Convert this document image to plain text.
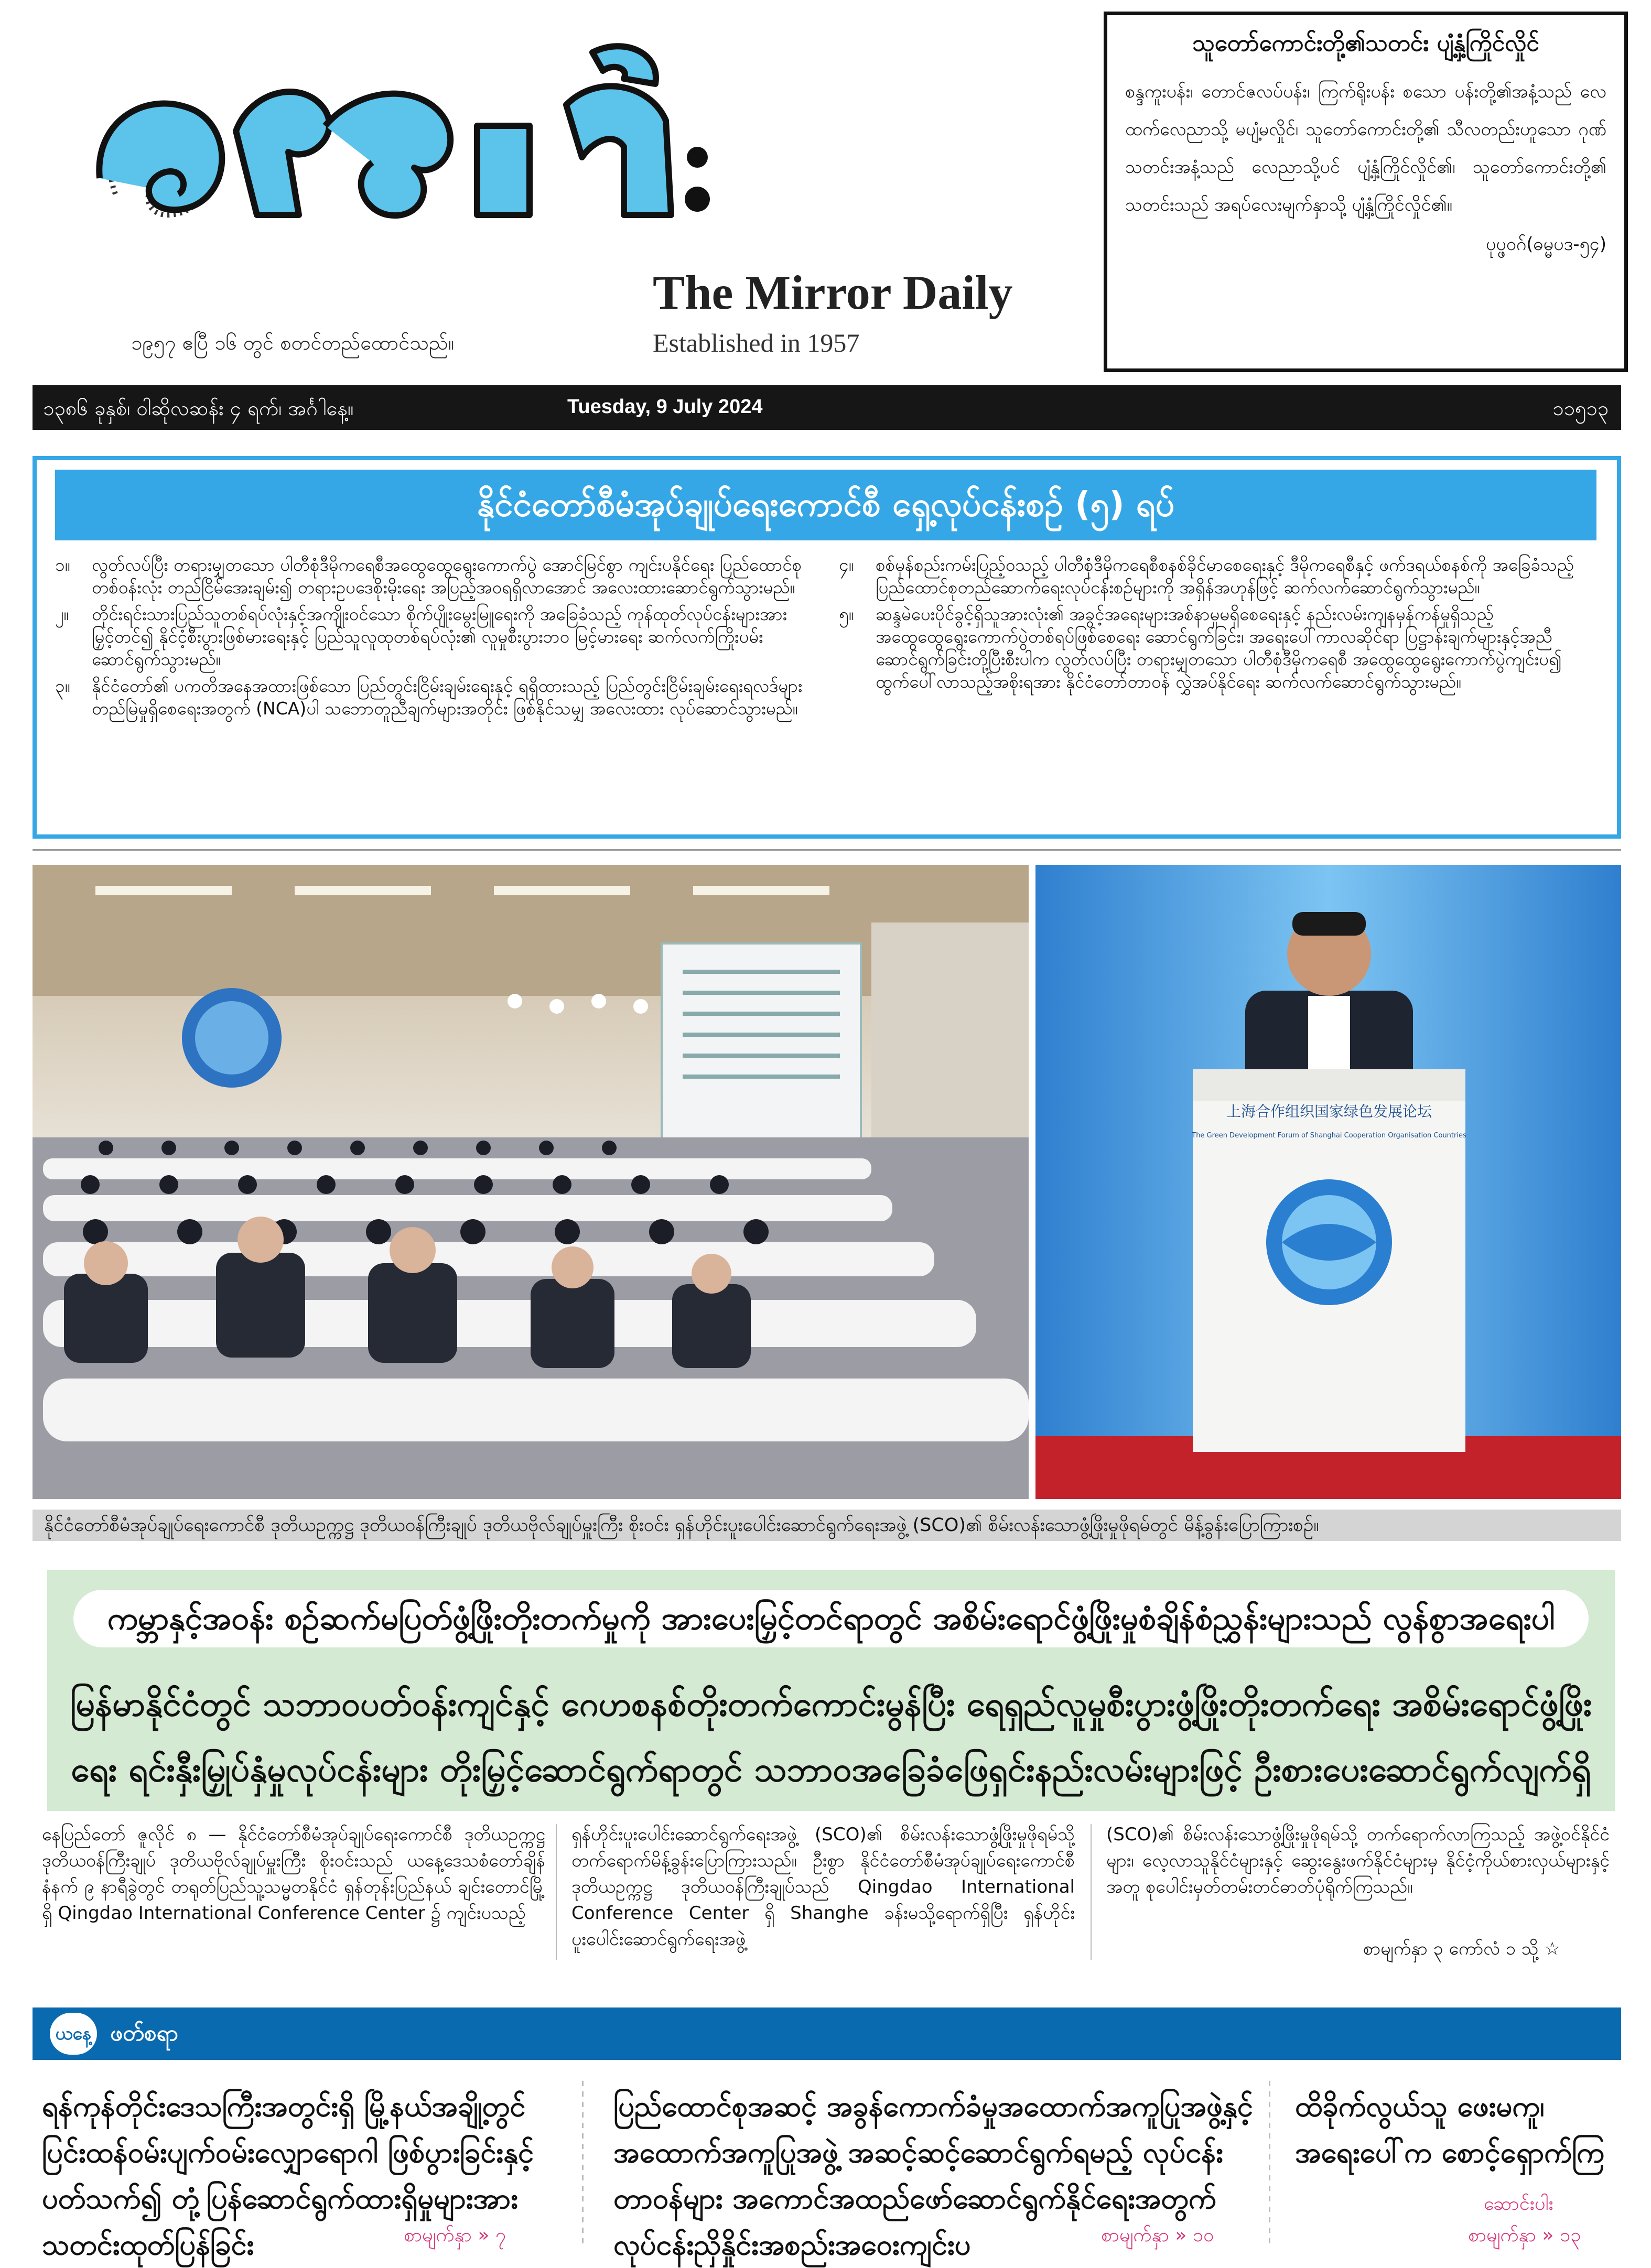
The Mirror Daily
Established in 1957
၁၉၅၇ ဧပြီ ၁၆ တွင် စတင်တည်ထောင်သည်။
သူတော်ကောင်းတို့၏သတင်း ပျံ့နှံ့ကြိုင်လှိုင်
စန္ဒကူးပန်း၊ တောင်ဇလပ်ပန်း၊ ကြက်ရိုးပန်း စသော ပန်းတို့၏အနံ့သည် လေထက်လေညာသို့ မပျံ့မလှိုင်၊ သူတော်ကောင်းတို့၏ သီလတည်းဟူသော ဂုဏ်သတင်းအနံ့သည် လေညာသို့ပင် ပျံ့နှံ့ကြိုင်လှိုင်၏၊ သူတော်ကောင်းတို့၏ သတင်းသည် အရပ်လေးမျက်နှာသို့ ပျံ့နှံ့ကြိုင်လှိုင်၏။
ပုပ္ဖဝဂ်(ဓမ္မပဒ-၅၄)
၁၃၈၆ ခုနှစ်၊ ဝါဆိုလဆန်း ၄ ရက်၊ အင်္ဂါနေ့။	Tuesday, 9 July 2024	၁၁၅၁၃
နိုင်ငံတော်စီမံအုပ်ချုပ်ရေးကောင်စီ ရှေ့လုပ်ငန်းစဉ် (၅) ရပ်
၁။	လွတ်လပ်ပြီး တရားမျှတသော ပါတီစုံဒီမိုကရေစီအထွေထွေရွေးကောက်ပွဲ အောင်မြင်စွာ ကျင်းပနိုင်ရေး ပြည်ထောင်စုတစ်ဝန်းလုံး တည်ငြိမ်အေးချမ်း၍ တရားဥပဒေစိုးမိုးရေး အပြည့်အဝရရှိလာအောင် အလေးထားဆောင်ရွက်သွားမည်။
၂။	တိုင်းရင်းသားပြည်သူတစ်ရပ်လုံးနှင့်အကျိုးဝင်သော စိုက်ပျိုးမွေးမြူရေးကို အခြေခံသည့် ကုန်ထုတ်လုပ်ငန်းများအား မြှင့်တင်၍ နိုင်ငံ့စီးပွားဖြစ်မားရေးနှင့် ပြည်သူလူထုတစ်ရပ်လုံး၏ လူမှုစီးပွားဘဝ မြင့်မားရေး ဆက်လက်ကြိုးပမ်းဆောင်ရွက်သွားမည်။
၃။	နိုင်ငံတော်၏ ပကတိအနေအထားဖြစ်သော ပြည်တွင်းငြိမ်းချမ်းရေးနှင့် ရရှိထားသည့် ပြည်တွင်းငြိမ်းချမ်းရေးရလဒ်များ တည်မြဲမှုရှိစေရေးအတွက် (NCA)ပါ သဘောတူညီချက်များအတိုင်း ဖြစ်နိုင်သမျှ အလေးထား လုပ်ဆောင်သွားမည်။
၄။	စစ်မှန်စည်းကမ်းပြည့်ဝသည့် ပါတီစုံဒီမိုကရေစီစနစ်ခိုင်မာစေရေးနှင့် ဒီမိုကရေစီနှင့် ဖက်ဒရယ်စနစ်ကို အခြေခံသည့် ပြည်ထောင်စုတည်ဆောက်ရေးလုပ်ငန်းစဉ်များကို အရှိန်အဟုန်ဖြင့် ဆက်လက်ဆောင်ရွက်သွားမည်။
၅။	ဆန္ဒမဲပေးပိုင်ခွင့်ရှိသူအားလုံး၏ အခွင့်အရေးများအစ်နာမှုမရှိစေရေးနှင့် နည်းလမ်းကျနမှန်ကန်မှုရှိသည့် အထွေထွေရွေးကောက်ပွဲတစ်ရပ်ဖြစ်စေရေး ဆောင်ရွက်ခြင်း၊ အရေးပေါ်ကာလဆိုင်ရာ ပြဋ္ဌာန်းချက်များနှင့်အညီ ဆောင်ရွက်ခြင်းတို့ပြီးစီးပါက လွတ်လပ်ပြီး တရားမျှတသော ပါတီစုံဒီမိုကရေစီ အထွေထွေရွေးကောက်ပွဲကျင်းပ၍ ထွက်ပေါ်လာသည့်အစိုးရအား နိုင်ငံတော်တာဝန် လွှဲအပ်နိုင်ရေး ဆက်လက်ဆောင်ရွက်သွားမည်။
上海合作组织国家绿色发展论坛
The Green Development Forum of Shanghai Cooperation Organisation Countries
နိုင်ငံတော်စီမံအုပ်ချုပ်ရေးကောင်စီ ဒုတိယဥက္ကဋ္ဌ ဒုတိယဝန်ကြီးချုပ် ဒုတိယဗိုလ်ချုပ်မှူးကြီး စိုးဝင်း ရှန်ဟိုင်းပူးပေါင်းဆောင်ရွက်ရေးအဖွဲ့ (SCO)၏ စိမ်းလန်းသောဖွံ့ဖြိုးမှုဖိုရမ်တွင် မိန့်ခွန်းပြောကြားစဉ်။
ကမ္ဘာနှင့်အဝန်း စဉ်ဆက်မပြတ်ဖွံ့ဖြိုးတိုးတက်မှုကို အားပေးမြှင့်တင်ရာတွင် အစိမ်းရောင်ဖွံ့ဖြိုးမှုစံချိန်စံညွှန်းများသည် လွန်စွာအရေးပါ
မြန်မာနိုင်ငံတွင် သဘာဝပတ်ဝန်းကျင်နှင့် ဂေဟစနစ်တိုးတက်ကောင်းမွန်ပြီး ရေရှည်လူမှုစီးပွားဖွံ့ဖြိုးတိုးတက်ရေး အစိမ်းရောင်ဖွံ့ဖြိုးရေး ရင်းနှီးမြှုပ်နှံမှုလုပ်ငန်းများ တိုးမြှင့်ဆောင်ရွက်ရာတွင် သဘာဝအခြေခံဖြေရှင်းနည်းလမ်းများဖြင့် ဦးစားပေးဆောင်ရွက်လျက်ရှိ
နေပြည်တော် ဇူလိုင် ၈ — နိုင်ငံတော်စီမံအုပ်ချုပ်ရေးကောင်စီ ဒုတိယဥက္ကဋ္ဌ ဒုတိယဝန်ကြီးချုပ် ဒုတိယဗိုလ်ချုပ်မှူးကြီး စိုးဝင်းသည် ယနေ့ဒေသစံတော်ချိန် နံနက် ၉ နာရီခွဲတွင် တရုတ်ပြည်သူ့သမ္မတနိုင်ငံ ရှန်တုန်းပြည်နယ် ချင်းတောင်မြို့ရှိ Qingdao International Conference Center ၌ ကျင်းပသည့်
ရှန်ဟိုင်းပူးပေါင်းဆောင်ရွက်ရေးအဖွဲ့ (SCO)၏ စိမ်းလန်းသောဖွံ့ဖြိုးမှုဖိုရမ်သို့ တက်ရောက်မိန့်ခွန်းပြောကြားသည်။ ဦးစွာ နိုင်ငံတော်စီမံအုပ်ချုပ်ရေးကောင်စီ ဒုတိယဥက္ကဋ္ဌ ဒုတိယဝန်ကြီးချုပ်သည် Qingdao International Conference Center ရှိ Shanghe ခန်းမသို့ရောက်ရှိပြီး ရှန်ဟိုင်းပူးပေါင်းဆောင်ရွက်ရေးအဖွဲ့
(SCO)၏ စိမ်းလန်းသောဖွံ့ဖြိုးမှုဖိုရမ်သို့ တက်ရောက်လာကြသည့် အဖွဲ့ဝင်နိုင်ငံများ၊ လေ့လာသူနိုင်ငံများနှင့် ဆွေးနွေးဖက်နိုင်ငံများမှ နိုင်ငံ့ကိုယ်စားလှယ်များနှင့်အတူ စုပေါင်းမှတ်တမ်းတင်ဓာတ်ပုံရိုက်ကြသည်။
စာမျက်နှာ ၃ ကော်လံ ၁ သို့ ☆
ယနေ့ ဖတ်စရာ
ရန်ကုန်တိုင်းဒေသကြီးအတွင်းရှိ မြို့နယ်အချို့တွင် ပြင်းထန်ဝမ်းပျက်ဝမ်းလျှောရောဂါ ဖြစ်ပွားခြင်းနှင့် ပတ်သက်၍ တုံ့ပြန်ဆောင်ရွက်ထားရှိမှုများအား သတင်းထုတ်ပြန်ခြင်း	စာမျက်နှာ » ၇
ပြည်ထောင်စုအဆင့် အခွန်ကောက်ခံမှုအထောက်အကူပြုအဖွဲ့နှင့် အထောက်အကူပြုအဖွဲ့ အဆင့်ဆင့်ဆောင်ရွက်ရမည့် လုပ်ငန်းတာဝန်များ အကောင်အထည်ဖော်ဆောင်ရွက်နိုင်ရေးအတွက် လုပ်ငန်းညှိနှိုင်းအစည်းအဝေးကျင်းပ	စာမျက်နှာ » ၁၀
ထိခိုက်လွယ်သူ ဖေးမကူ၊ အရေးပေါ်က စောင့်ရှောက်ကြ
ဆောင်းပါး
စာမျက်နှာ » ၁၃
